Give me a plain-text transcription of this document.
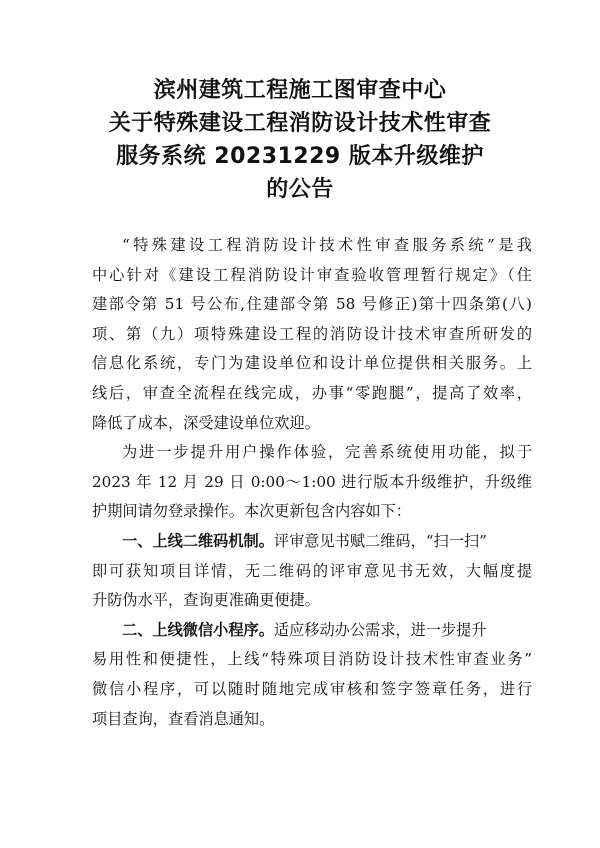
滨州建筑工程施工图审查中心
关于特殊建设工程消防设计技术性审查
服务系统 20231229 版本升级维护
的公告
“特殊建设工程消防设计技术性审查服务系统”是我
中心针对《建设工程消防设计审查验收管理暂行规定》（住
建部令第 51 号公布,住建部令第 58 号修正)第十四条第(八)
项、第（九）项特殊建设工程的消防设计技术审查所研发的
信息化系统，专门为建设单位和设计单位提供相关服务。上
线后，审查全流程在线完成，办事“零跑腿”，提高了效率，
降低了成本，深受建设单位欢迎。
为进一步提升用户操作体验，完善系统使用功能，拟于
2023 年 12 月 29 日 0:00～1:00 进行版本升级维护，升级维
护期间请勿登录操作。本次更新包含内容如下：
一、上线二维码机制。评审意见书赋二维码，“扫一扫”
即可获知项目详情，无二维码的评审意见书无效，大幅度提
升防伪水平，查询更准确更便捷。
二、上线微信小程序。适应移动办公需求，进一步提升
易用性和便捷性，上线“特殊项目消防设计技术性审查业务”
微信小程序，可以随时随地完成审核和签字签章任务，进行
项目查询，查看消息通知。
